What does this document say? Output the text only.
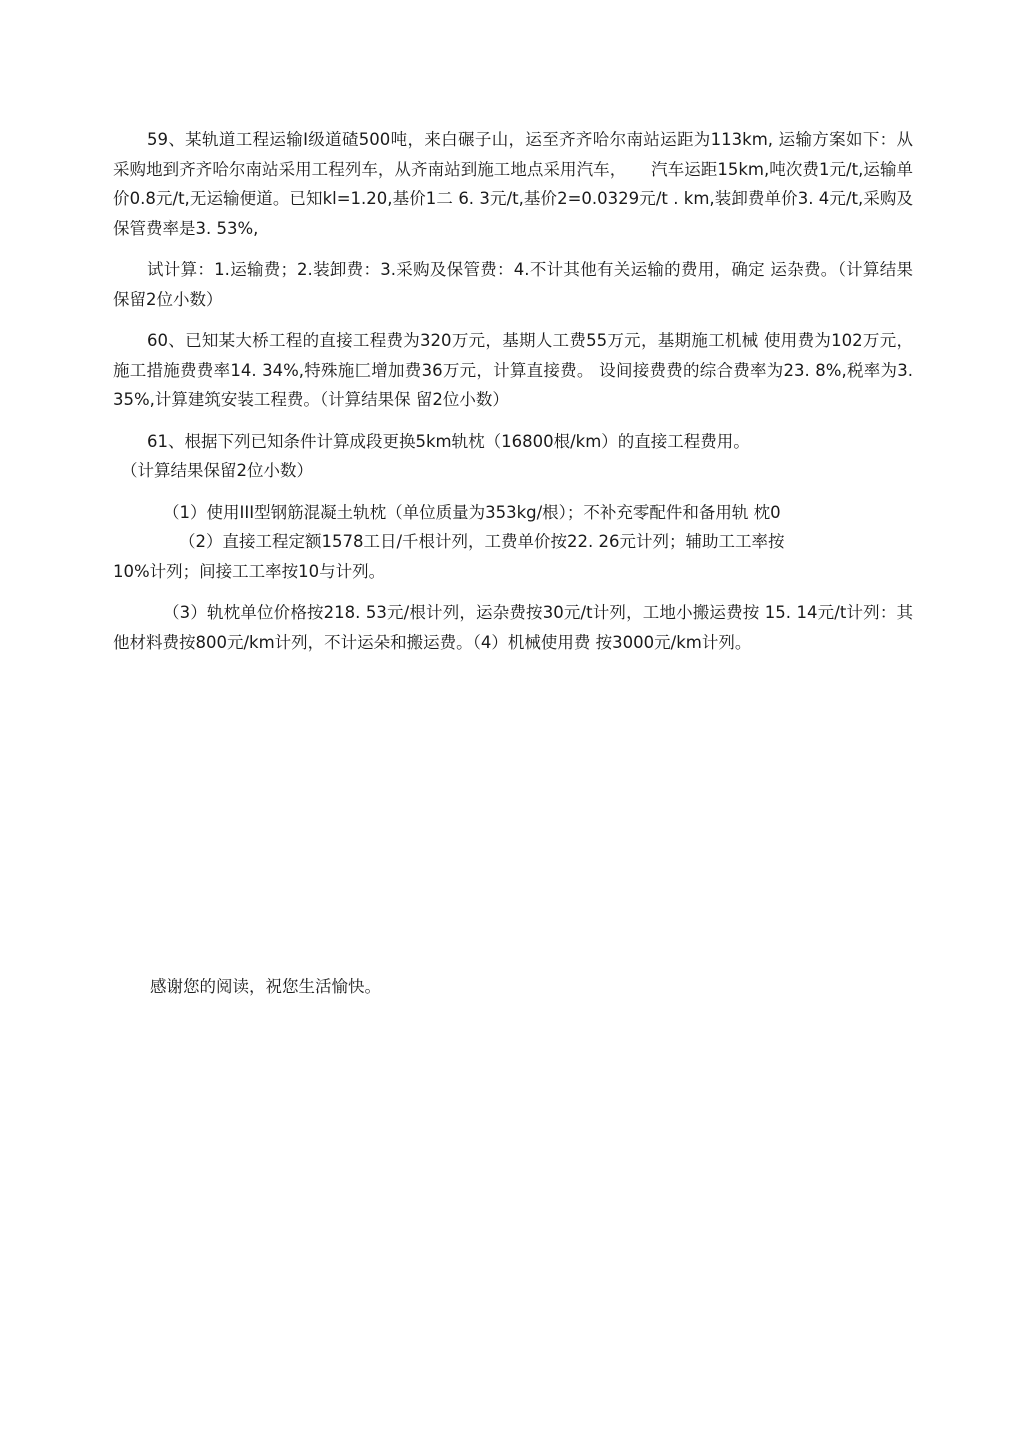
59、某轨道工程运输I级道碴500吨，来白碾子山，运至齐齐哈尔南站运距为113km, 运输方案如下：从采购地到齐齐哈尔南站采用工程列车，从齐南站到施工地点采用汽车，　　汽车运距15km,吨次费1元/t,运输单价0.8元/t,无运输便道。已知kl=1.20,基价1二 6. 3元/t,基价2=0.0329元/t . km,装卸费单价3. 4元/t,采购及保管费率是3. 53%,

试计算：1.运输费；2.装卸费：3.采购及保管费：4.不计其他有关运输的费用，确定 运杂费。（计算结果保留2位小数）

60、已知某大桥工程的直接工程费为320万元，基期人工费55万元，基期施工机械 使用费为102万元，施工措施费费率14. 34%,特殊施匚增加费36万元，计算直接费。 设间接费费的综合费率为23. 8%,税率为3. 35%,计算建筑安装工程费。（计算结果保 留2位小数）

61、根据下列已知条件计算成段更换5km轨枕（16800根/km）的直接工程费用。

（计算结果保留2位小数）

（1）使用III型钢筋混凝土轨枕（单位质量为353kg/根）；不补充零配件和备用轨 枕0

（2）直接工程定额1578工日/千根计列，工费单价按22. 26元计列；辅助工工率按

10%计列；间接工工率按10与计列。

（3）轨枕单位价格按218. 53元/根计列，运杂费按30元/t计列，工地小搬运费按 15. 14元/t计列：其他材料费按800元/km计列，不计运朵和搬运费。（4）机械使用费 按3000元/km计列。

感谢您的阅读，祝您生活愉快。
